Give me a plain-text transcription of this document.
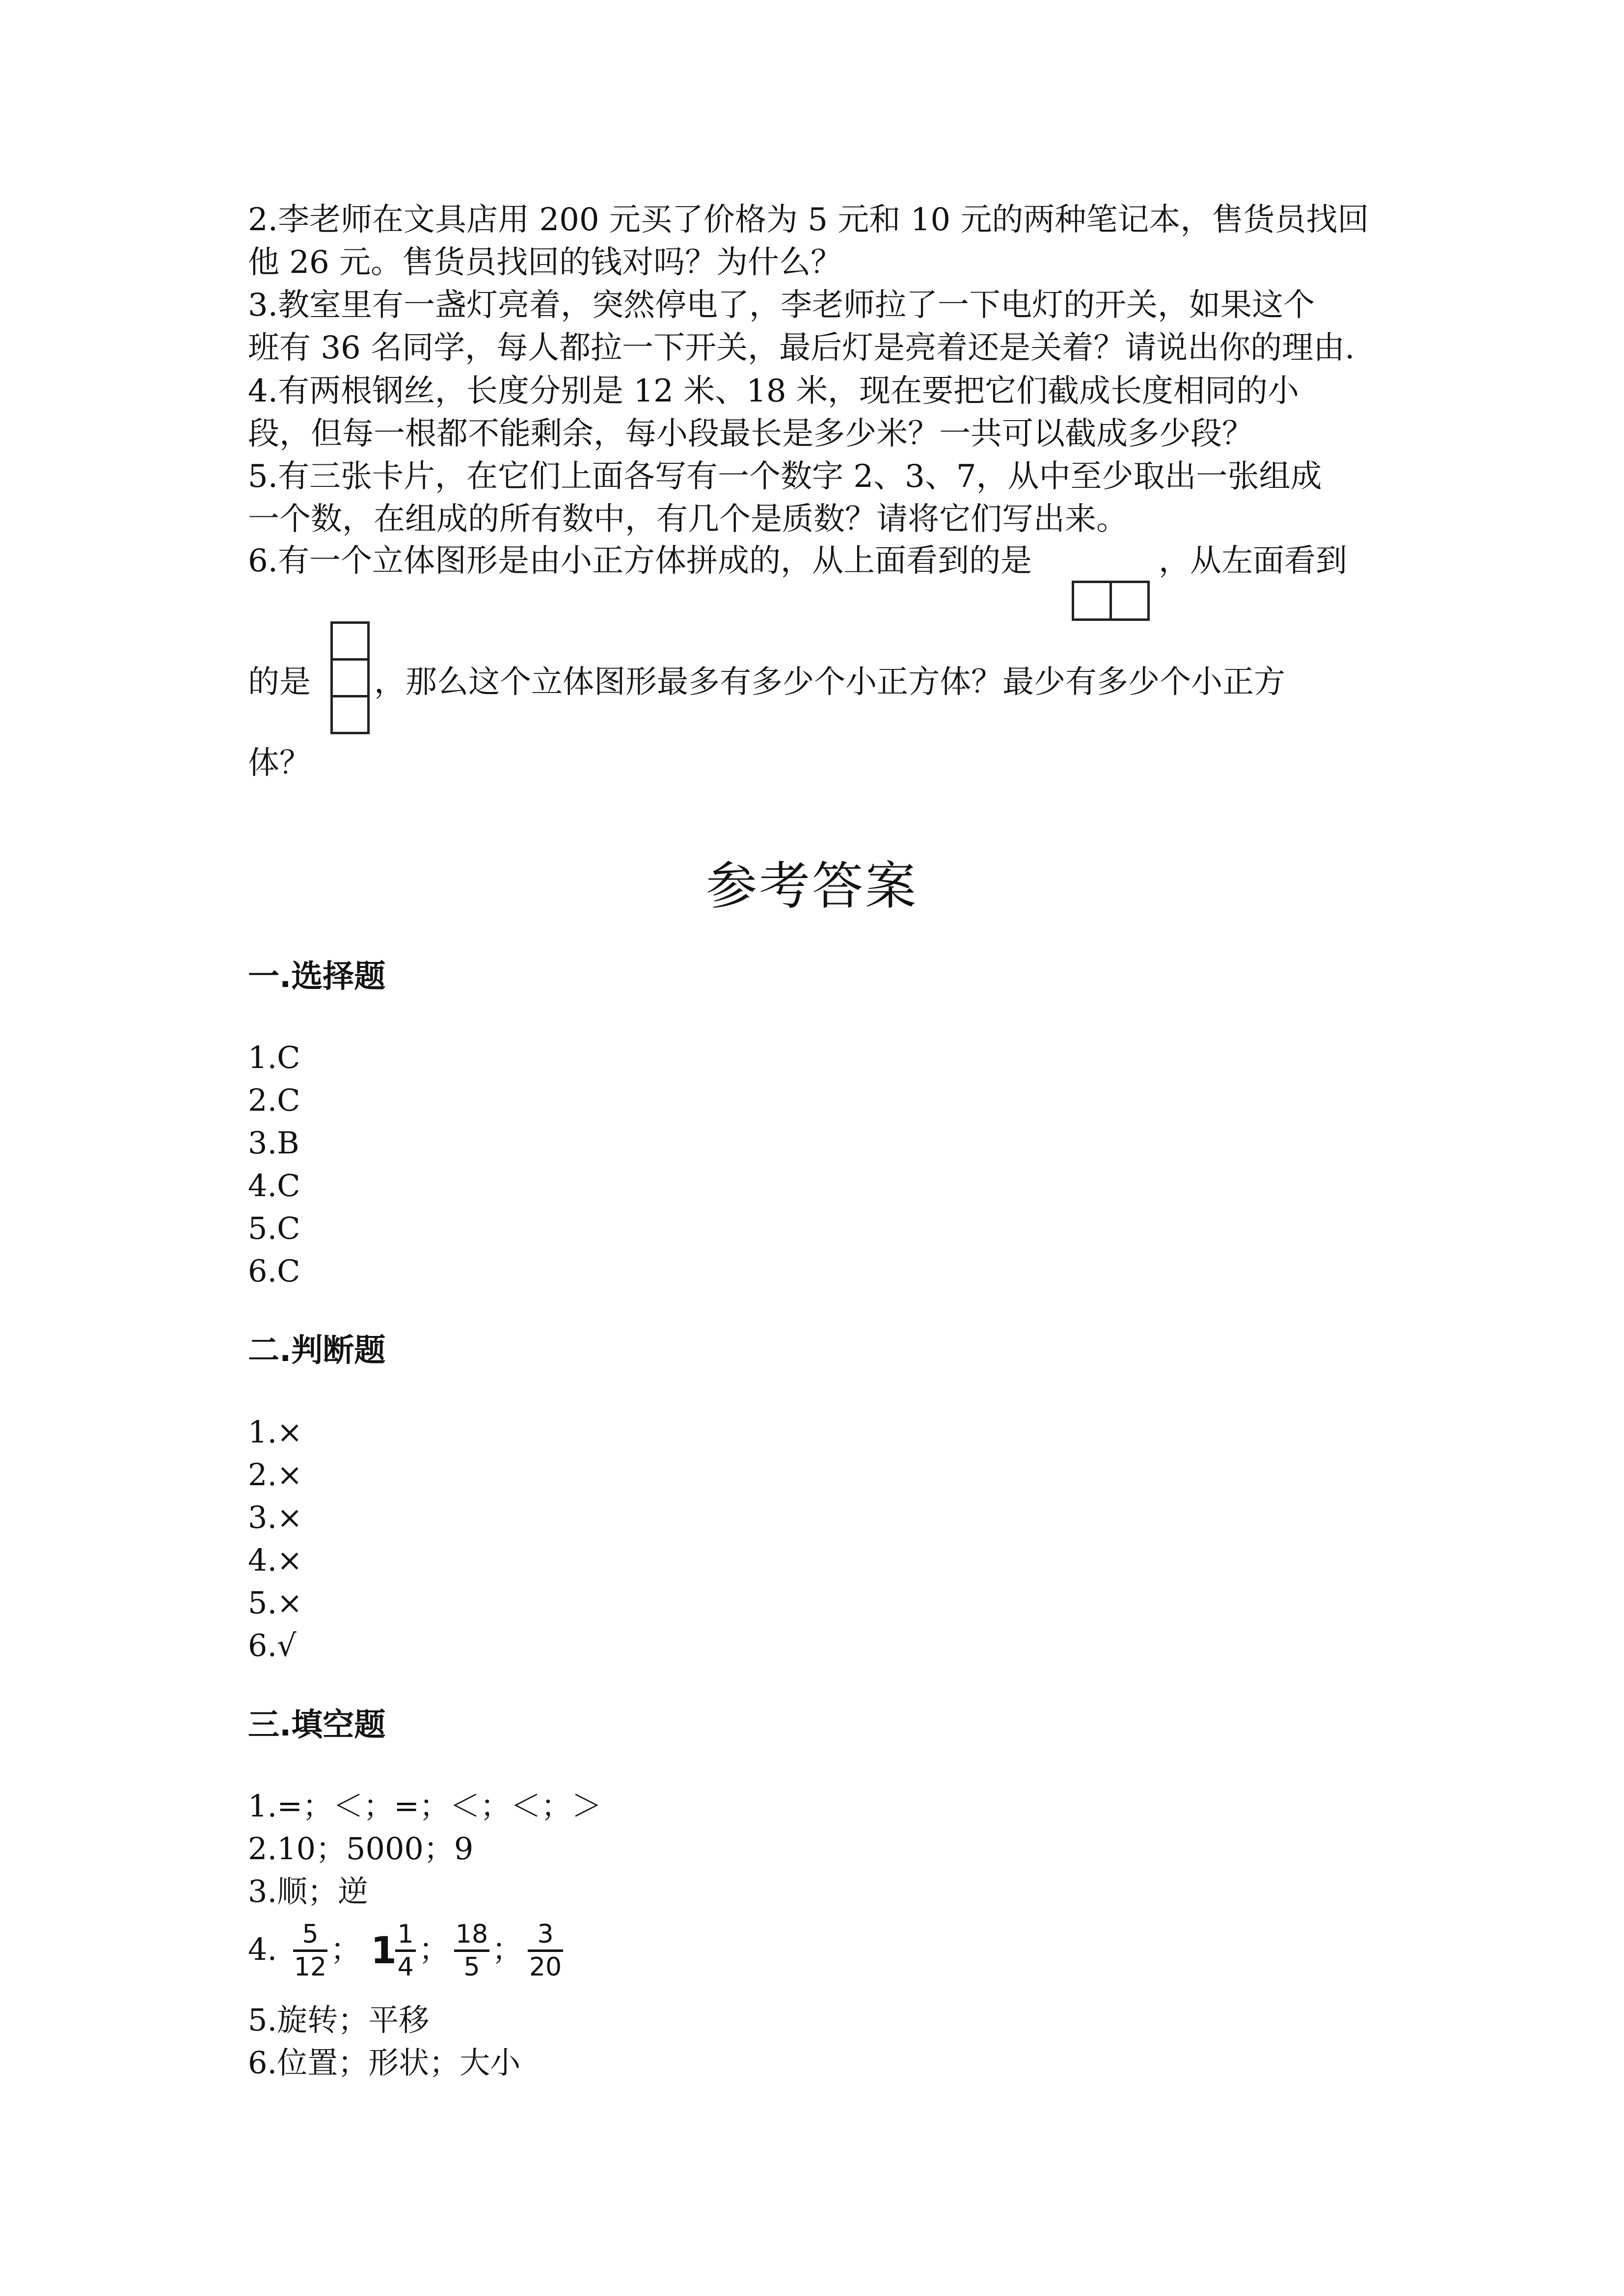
2.李老师在文具店用 200 元买了价格为 5 元和 10 元的两种笔记本，售货员找回
他 26 元。售货员找回的钱对吗？为什么？
3.教室里有一盏灯亮着，突然停电了，李老师拉了一下电灯的开关，如果这个
班有 36 名同学，每人都拉一下开关，最后灯是亮着还是关着？请说出你的理由.
4.有两根钢丝，长度分别是 12 米、18 米，现在要把它们截成长度相同的小
段，但每一根都不能剩余，每小段最长是多少米？一共可以截成多少段？
5.有三张卡片，在它们上面各写有一个数字 2、3、7，从中至少取出一张组成
一个数，在组成的所有数中，有几个是质数？请将它们写出来。
6.有一个立体图形是由小正方体拼成的，从上面看到的是	，从左面看到
的是 ，那么这个立体图形最多有多少个小正方体？最少有多少个小正方
体？
参考答案
一.选择题
1.C
2.C
3.B
4.C
5.C
6.C
二.判断题
1.×
2.×
3.×
4.×
5.×
6.√
三.填空题
1.=；＜；=；＜；＜；＞
2.10；5000；9
3.顺；逆
4. 5
12 ； 1 1
4 ； 18
5 ； 3
20
5.旋转；平移
6.位置；形状；大小
